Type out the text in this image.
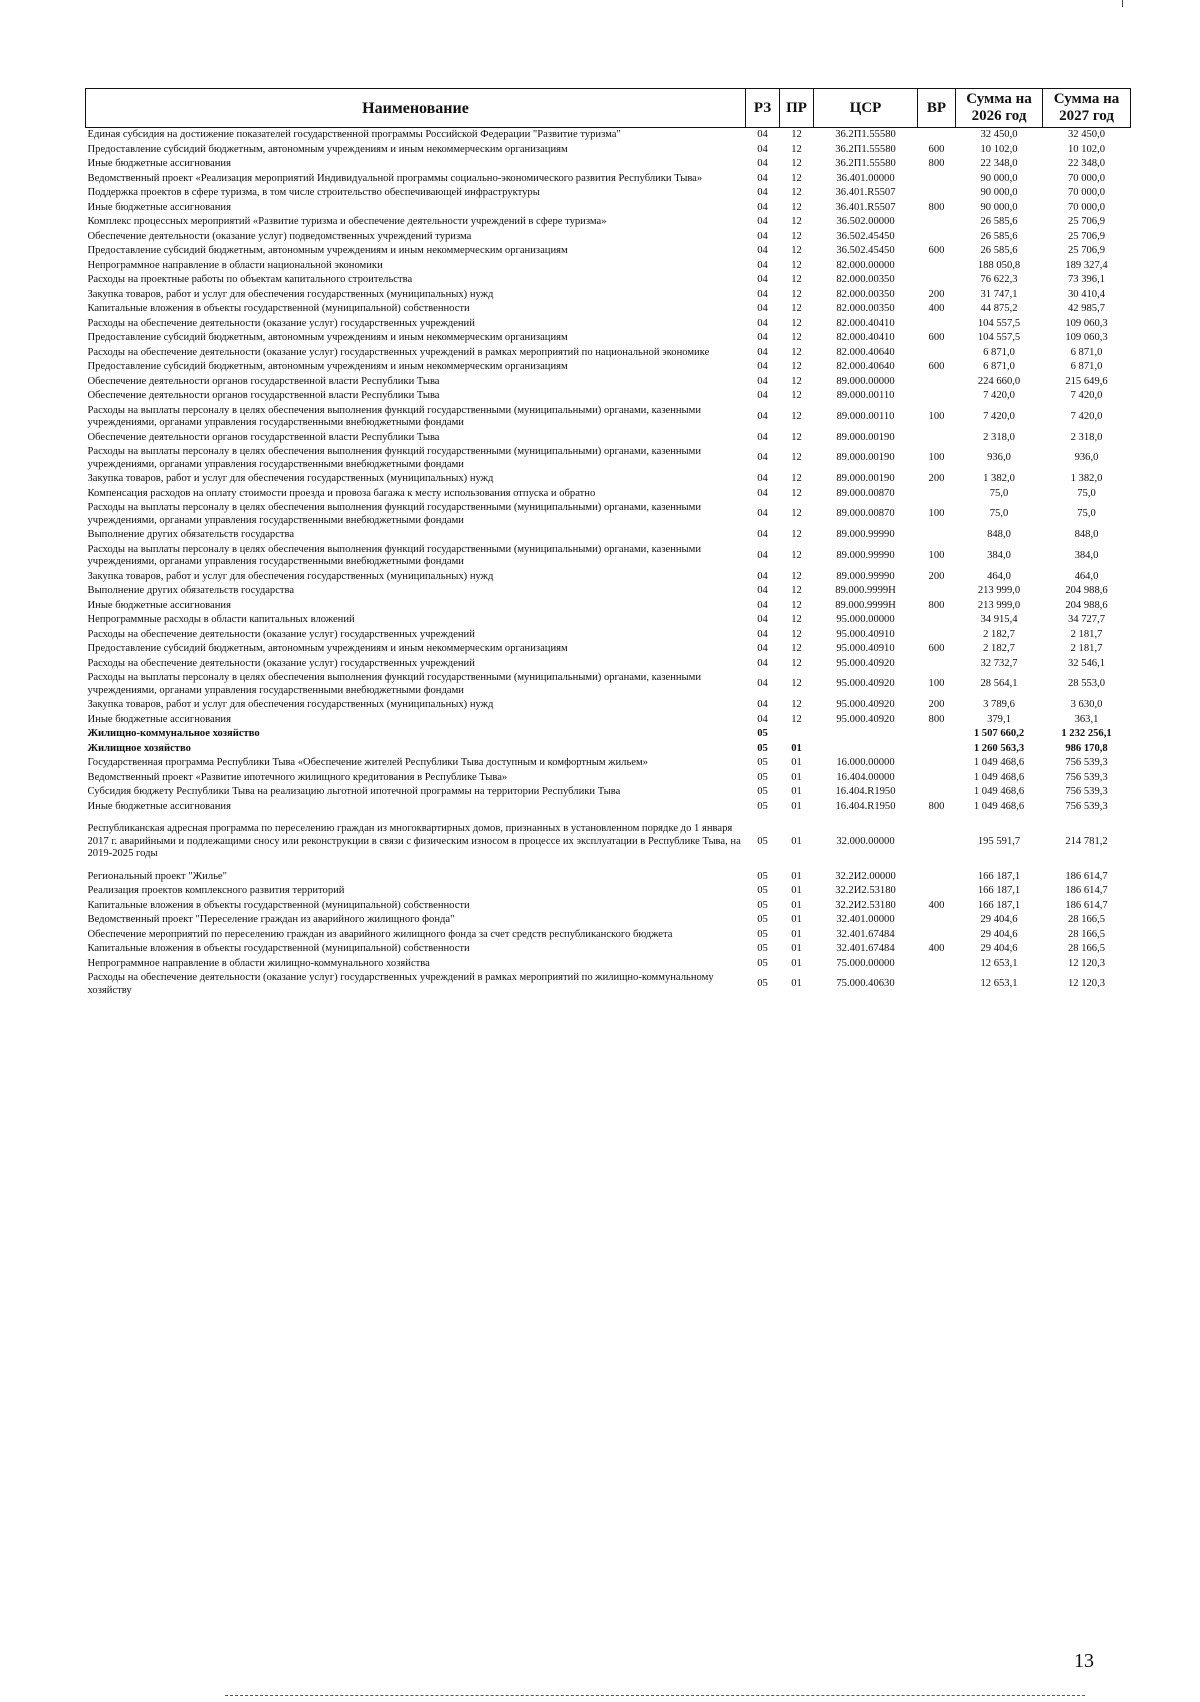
Наименование	РЗ	ПР	ЦСР	ВР	Сумма на 2026 год	Сумма на 2027 год
Единая субсидия на достижение показателей государственной программы Российской Федерации "Развитие туризма"	04	12	36.2П1.55580		32 450,0	32 450,0
Предоставление субсидий бюджетным, автономным учреждениям и иным некоммерческим организациям	04	12	36.2П1.55580	600	10 102,0	10 102,0
Иные бюджетные ассигнования	04	12	36.2П1.55580	800	22 348,0	22 348,0
Ведомственный проект «Реализация мероприятий Индивидуальной программы социально-экономического развития Республики Тыва»	04	12	36.401.00000		90 000,0	70 000,0
Поддержка проектов в сфере туризма, в том числе строительство обеспечивающей инфраструктуры	04	12	36.401.R5507		90 000,0	70 000,0
Иные бюджетные ассигнования	04	12	36.401.R5507	800	90 000,0	70 000,0
Комплекс процессных мероприятий «Развитие туризма и обеспечение деятельности учреждений в сфере туризма»	04	12	36.502.00000		26 585,6	25 706,9
Обеспечение деятельности (оказание услуг) подведомственных учреждений туризма	04	12	36.502.45450		26 585,6	25 706,9
Предоставление субсидий бюджетным, автономным учреждениям и иным некоммерческим организациям	04	12	36.502.45450	600	26 585,6	25 706,9
Непрограммное направление в области национальной экономики	04	12	82.000.00000		188 050,8	189 327,4
Расходы на проектные работы по объектам капитального строительства	04	12	82.000.00350		76 622,3	73 396,1
Закупка товаров, работ и услуг для обеспечения государственных (муниципальных) нужд	04	12	82.000.00350	200	31 747,1	30 410,4
Капитальные вложения в объекты государственной (муниципальной) собственности	04	12	82.000.00350	400	44 875,2	42 985,7
Расходы на обеспечение деятельности (оказание услуг) государственных учреждений	04	12	82.000.40410		104 557,5	109 060,3
Предоставление субсидий бюджетным, автономным учреждениям и иным некоммерческим организациям	04	12	82.000.40410	600	104 557,5	109 060,3
Расходы на обеспечение деятельности (оказание услуг) государственных учреждений в рамках мероприятий по национальной экономике	04	12	82.000.40640		6 871,0	6 871,0
Предоставление субсидий бюджетным, автономным учреждениям и иным некоммерческим организациям	04	12	82.000.40640	600	6 871,0	6 871,0
Обеспечение деятельности органов государственной власти Республики Тыва	04	12	89.000.00000		224 660,0	215 649,6
Обеспечение деятельности органов государственной власти Республики Тыва	04	12	89.000.00110		7 420,0	7 420,0
Расходы на выплаты персоналу в целях обеспечения выполнения функций государственными (муниципальными) органами, казенными учреждениями, органами управления государственными внебюджетными фондами	04	12	89.000.00110	100	7 420,0	7 420,0
Обеспечение деятельности органов государственной власти Республики Тыва	04	12	89.000.00190		2 318,0	2 318,0
Расходы на выплаты персоналу в целях обеспечения выполнения функций государственными (муниципальными) органами, казенными учреждениями, органами управления государственными внебюджетными фондами	04	12	89.000.00190	100	936,0	936,0
Закупка товаров, работ и услуг для обеспечения государственных (муниципальных) нужд	04	12	89.000.00190	200	1 382,0	1 382,0
Компенсация расходов на оплату стоимости проезда и провоза багажа к месту использования отпуска и обратно	04	12	89.000.00870		75,0	75,0
Расходы на выплаты персоналу в целях обеспечения выполнения функций государственными (муниципальными) органами, казенными учреждениями, органами управления государственными внебюджетными фондами	04	12	89.000.00870	100	75,0	75,0
Выполнение других обязательств государства	04	12	89.000.99990		848,0	848,0
Расходы на выплаты персоналу в целях обеспечения выполнения функций государственными (муниципальными) органами, казенными учреждениями, органами управления государственными внебюджетными фондами	04	12	89.000.99990	100	384,0	384,0
Закупка товаров, работ и услуг для обеспечения государственных (муниципальных) нужд	04	12	89.000.99990	200	464,0	464,0
Выполнение других обязательств государства	04	12	89.000.9999Н		213 999,0	204 988,6
Иные бюджетные ассигнования	04	12	89.000.9999Н	800	213 999,0	204 988,6
Непрограммные расходы в области капитальных вложений	04	12	95.000.00000		34 915,4	34 727,7
Расходы на обеспечение деятельности (оказание услуг) государственных учреждений	04	12	95.000.40910		2 182,7	2 181,7
Предоставление субсидий бюджетным, автономным учреждениям и иным некоммерческим организациям	04	12	95.000.40910	600	2 182,7	2 181,7
Расходы на обеспечение деятельности (оказание услуг) государственных учреждений	04	12	95.000.40920		32 732,7	32 546,1
Расходы на выплаты персоналу в целях обеспечения выполнения функций государственными (муниципальными) органами, казенными учреждениями, органами управления государственными внебюджетными фондами	04	12	95.000.40920	100	28 564,1	28 553,0
Закупка товаров, работ и услуг для обеспечения государственных (муниципальных) нужд	04	12	95.000.40920	200	3 789,6	3 630,0
Иные бюджетные ассигнования	04	12	95.000.40920	800	379,1	363,1
Жилищно-коммунальное хозяйство	05				1 507 660,2	1 232 256,1
Жилищное хозяйство	05	01			1 260 563,3	986 170,8
Государственная программа Республики Тыва «Обеспечение жителей Республики Тыва доступным и комфортным жильем»	05	01	16.000.00000		1 049 468,6	756 539,3
Ведомственный проект «Развитие ипотечного жилищного кредитования в Республике Тыва»	05	01	16.404.00000		1 049 468,6	756 539,3
Субсидия бюджету Республики Тыва на реализацию льготной ипотечной программы на территории Республики Тыва	05	01	16.404.R1950		1 049 468,6	756 539,3
Иные бюджетные ассигнования	05	01	16.404.R1950	800	1 049 468,6	756 539,3
Республиканская адресная программа по переселению граждан из многоквартирных домов, признанных в установленном порядке до 1 января 2017 г. аварийными и подлежащими сносу или реконструкции в связи с физическим износом в процессе их эксплуатации в Республике Тыва, на 2019-2025 годы	05	01	32.000.00000		195 591,7	214 781,2
Региональный проект "Жилье"	05	01	32.2И2.00000		166 187,1	186 614,7
Реализация проектов комплексного развития территорий	05	01	32.2И2.53180		166 187,1	186 614,7
Капитальные вложения в объекты государственной (муниципальной) собственности	05	01	32.2И2.53180	400	166 187,1	186 614,7
Ведомственный проект "Переселение граждан из аварийного жилищного фонда"	05	01	32.401.00000		29 404,6	28 166,5
Обеспечение мероприятий по переселению граждан из аварийного жилищного фонда за счет средств республиканского бюджета	05	01	32.401.67484		29 404,6	28 166,5
Капитальные вложения в объекты государственной (муниципальной) собственности	05	01	32.401.67484	400	29 404,6	28 166,5
Непрограммное направление в области жилищно-коммунального хозяйства	05	01	75.000.00000		12 653,1	12 120,3
Расходы на обеспечение деятельности (оказание услуг) государственных учреждений в рамках мероприятий по жилищно-коммунальному хозяйству	05	01	75.000.40630		12 653,1	12 120,3
13
